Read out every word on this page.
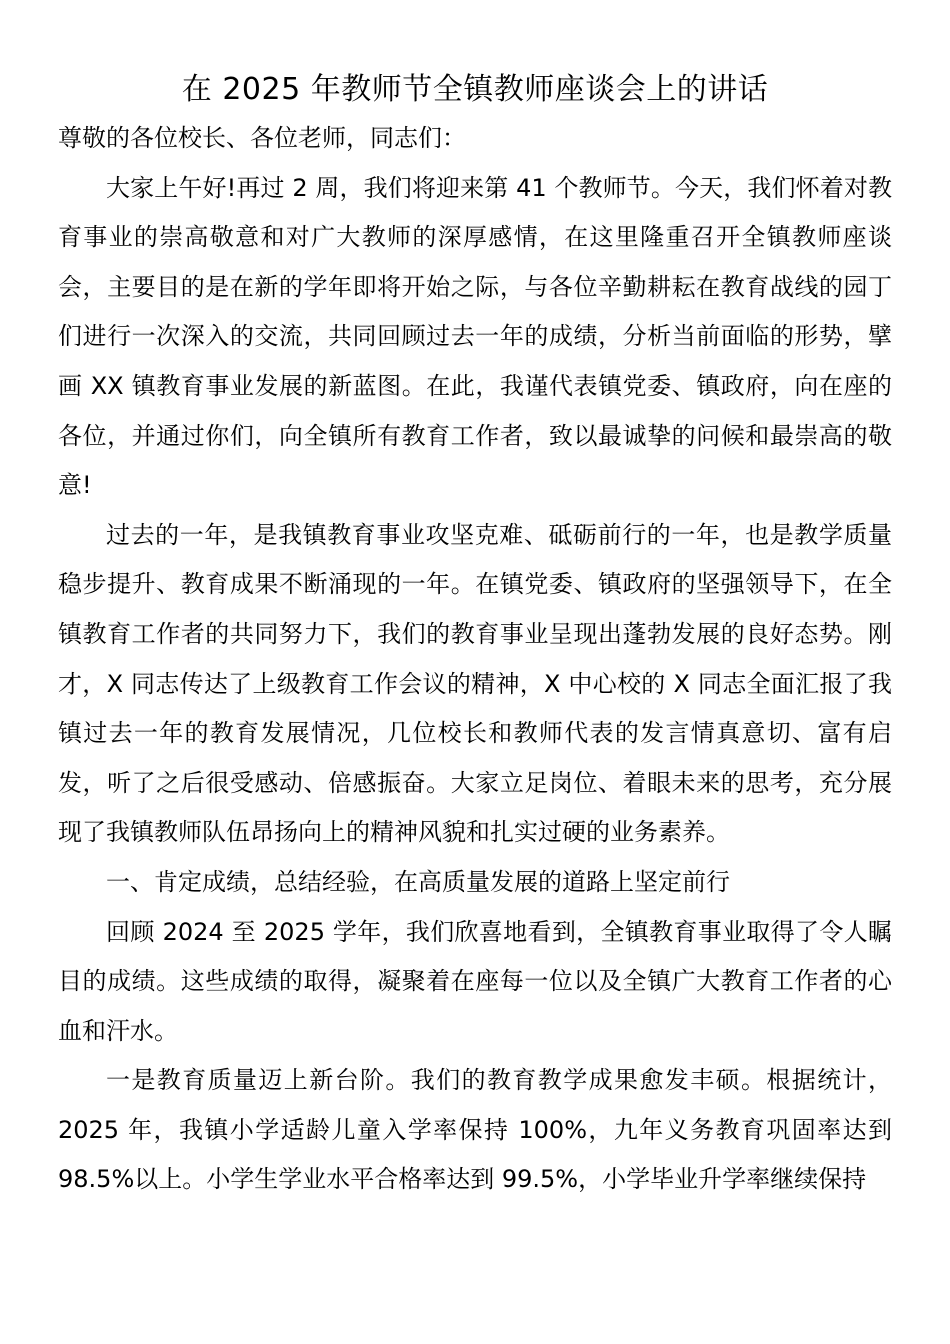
在 2025 年教师节全镇教师座谈会上的讲话

尊敬的各位校长、各位老师，同志们：

大家上午好!再过 2 周，我们将迎来第 41 个教师节。今天，我们怀着对教育事业的崇高敬意和对广大教师的深厚感情，在这里隆重召开全镇教师座谈会，主要目的是在新的学年即将开始之际，与各位辛勤耕耘在教育战线的园丁们进行一次深入的交流，共同回顾过去一年的成绩，分析当前面临的形势，擘画 XX 镇教育事业发展的新蓝图。在此，我谨代表镇党委、镇政府，向在座的各位，并通过你们，向全镇所有教育工作者，致以最诚挚的问候和最崇高的敬意!

过去的一年，是我镇教育事业攻坚克难、砥砺前行的一年，也是教学质量稳步提升、教育成果不断涌现的一年。在镇党委、镇政府的坚强领导下，在全镇教育工作者的共同努力下，我们的教育事业呈现出蓬勃发展的良好态势。刚才，X 同志传达了上级教育工作会议的精神，X 中心校的 X 同志全面汇报了我镇过去一年的教育发展情况，几位校长和教师代表的发言情真意切、富有启发，听了之后很受感动、倍感振奋。大家立足岗位、着眼未来的思考，充分展现了我镇教师队伍昂扬向上的精神风貌和扎实过硬的业务素养。

一、肯定成绩，总结经验，在高质量发展的道路上坚定前行

回顾 2024 至 2025 学年，我们欣喜地看到，全镇教育事业取得了令人瞩目的成绩。这些成绩的取得，凝聚着在座每一位以及全镇广大教育工作者的心血和汗水。

一是教育质量迈上新台阶。我们的教育教学成果愈发丰硕。根据统计，2025 年，我镇小学适龄儿童入学率保持 100%，九年义务教育巩固率达到 98.5%以上。小学生学业水平合格率达到 99.5%，小学毕业升学率继续保持
